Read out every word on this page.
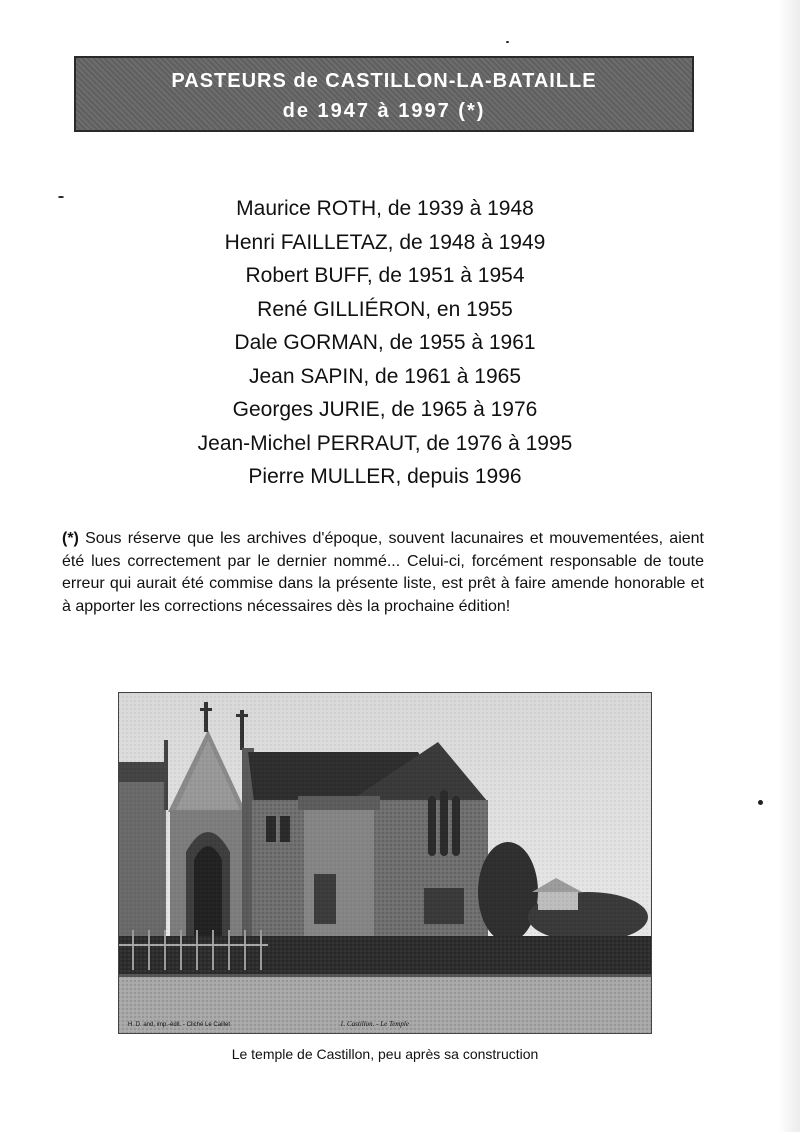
PASTEURS de CASTILLON-LA-BATAILLE
de 1947 à 1997 (*)
Maurice ROTH, de 1939 à 1948
Henri FAILLETAZ, de 1948 à 1949
Robert BUFF, de 1951 à 1954
René GILLIÉRON, en 1955
Dale GORMAN, de 1955 à 1961
Jean SAPIN, de 1961 à 1965
Georges JURIE, de 1965 à 1976
Jean-Michel PERRAUT, de 1976 à 1995
Pierre MULLER, depuis 1996

(*) Sous réserve que les archives d'époque, souvent lacunaires et mouvementées, aient été lues correctement par le dernier nommé... Celui-ci, forcément responsable de toute erreur qui aurait été commise dans la présente liste, est prêt à faire amende honorable et à apporter les corrections nécessaires dès la prochaine édition!

H. D. and, imp.-édit. - Cliché Le Caillet	1. Castillon. - Le Temple
Le temple de Castillon, peu après sa construction
